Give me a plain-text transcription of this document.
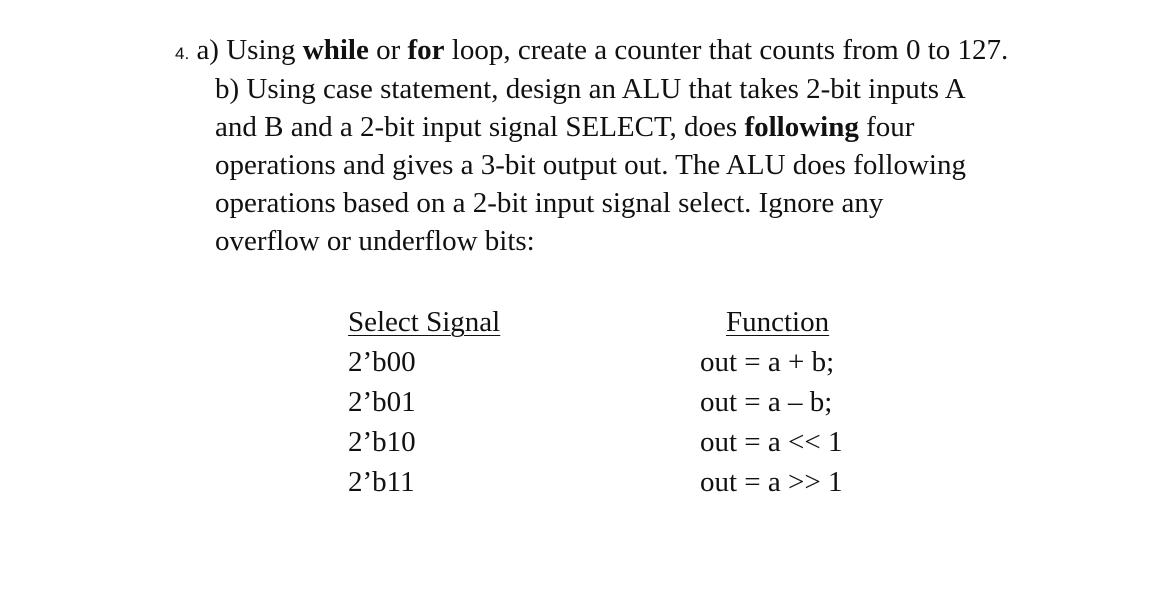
4. a) Using while or for loop, create a counter that counts from 0 to 127.
b) Using case statement, design an ALU that takes 2-bit inputs A
and B and a 2-bit input signal SELECT, does following four
operations and gives a 3-bit output out. The ALU does following
operations based on a 2-bit input signal select. Ignore any
overflow or underflow bits:
Select Signal
2’b00
2’b01
2’b10
2’b11
Function
out = a + b;
out = a – b;
out = a << 1
out = a >> 1
